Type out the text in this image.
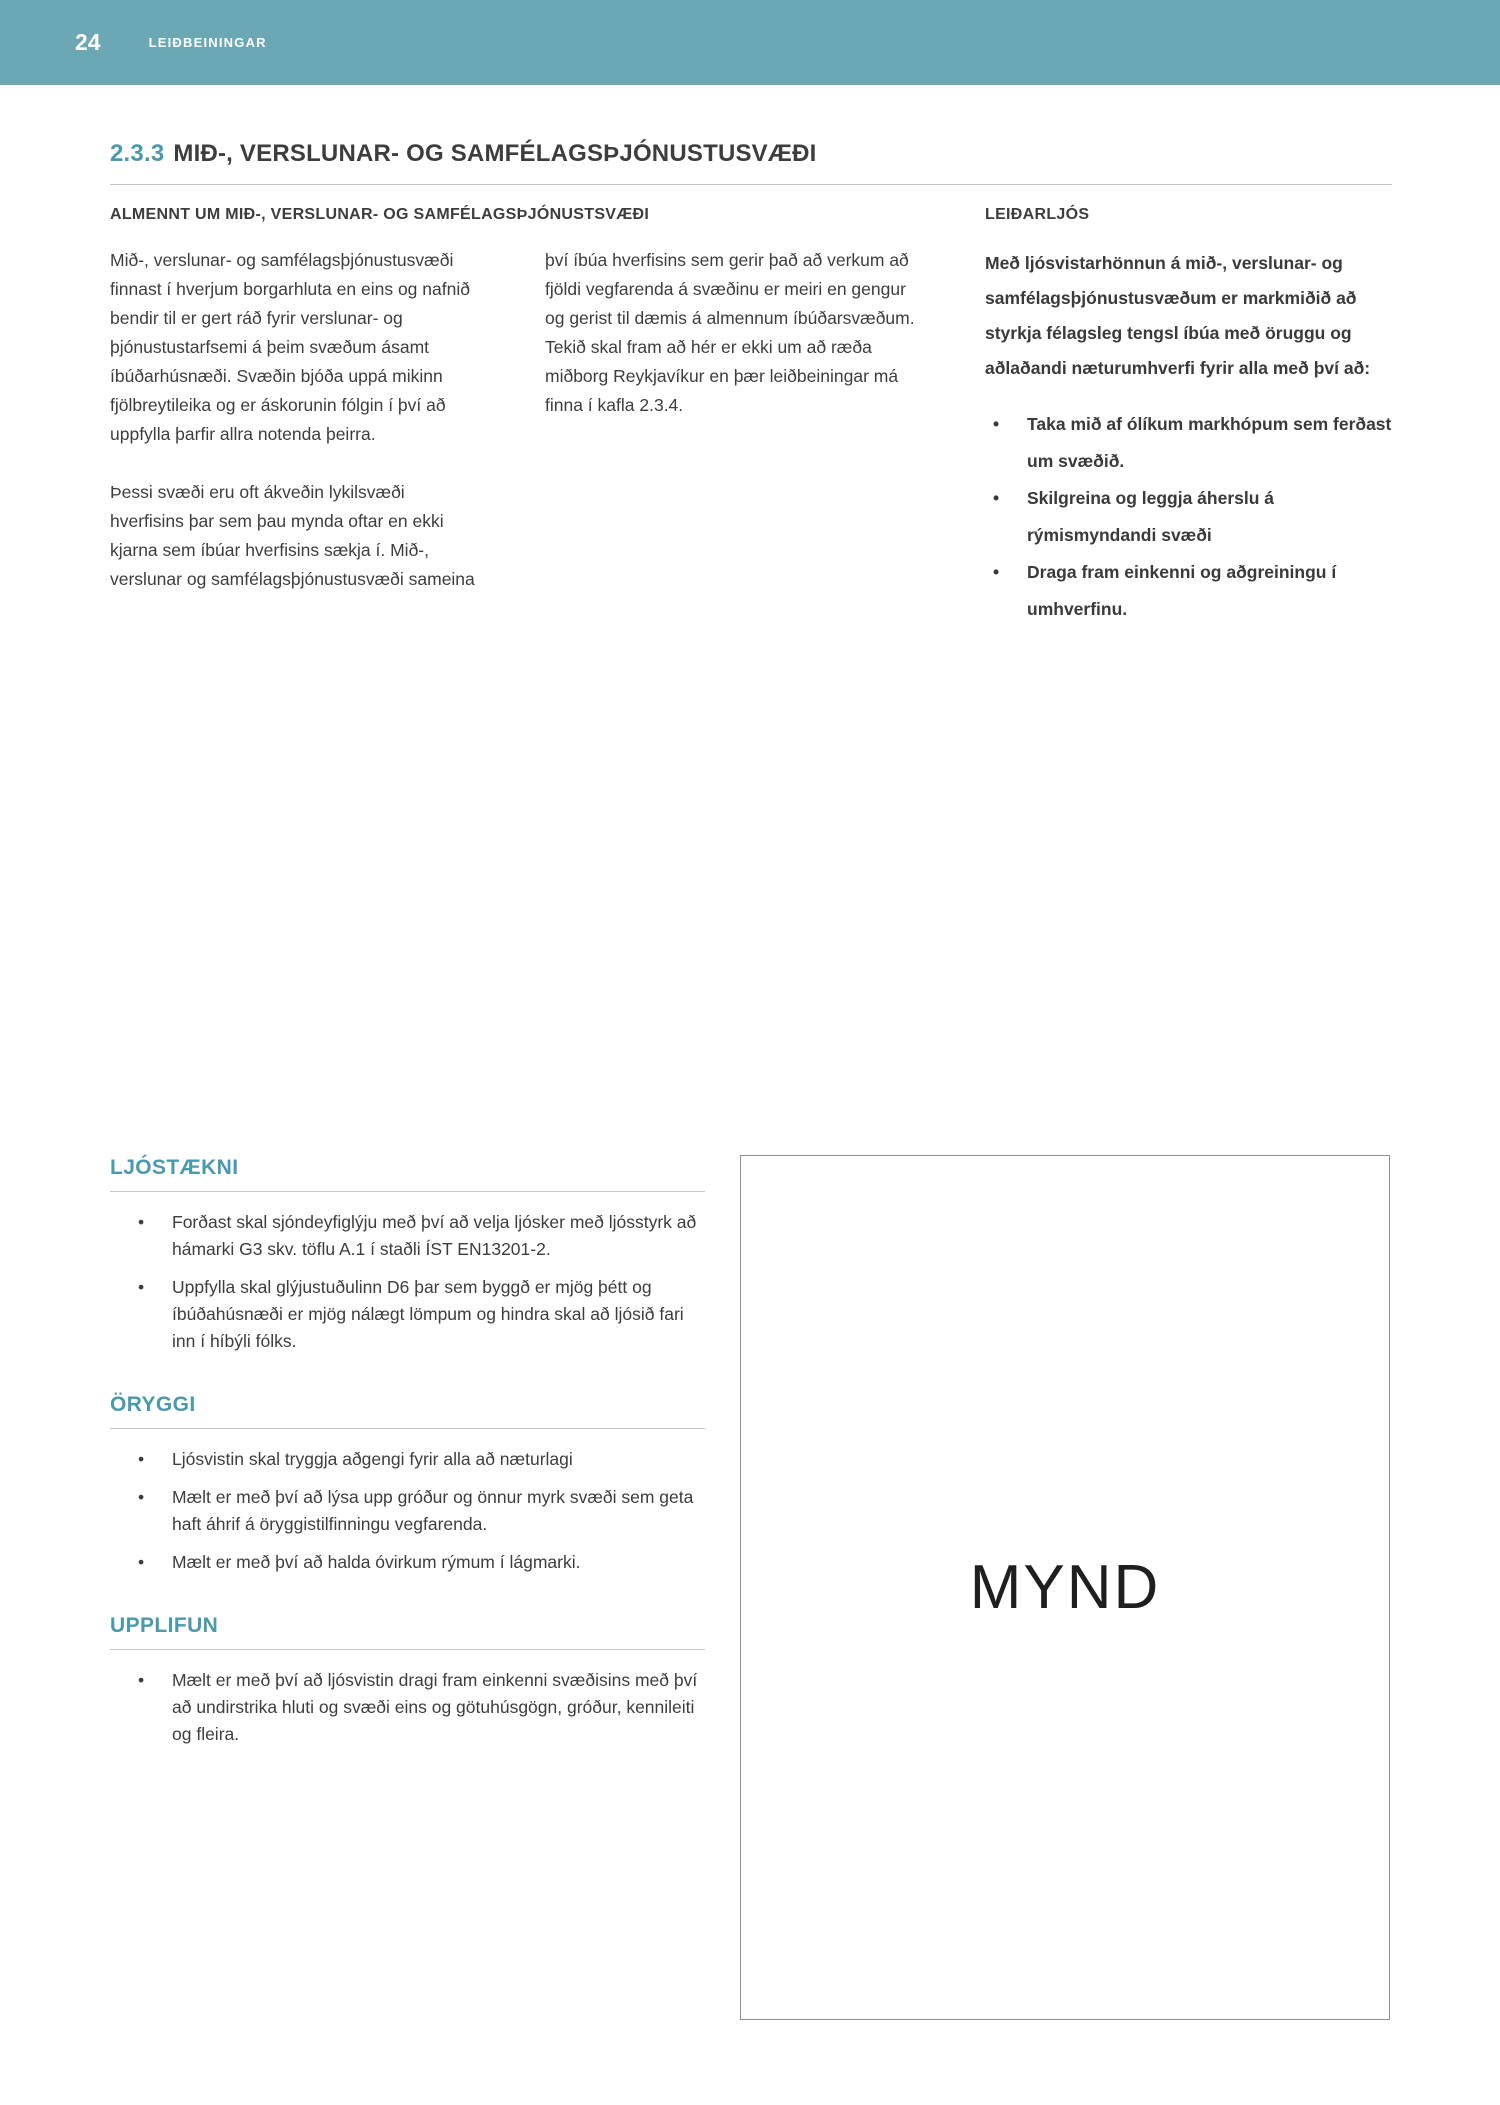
24	LEIÐBEININGAR
2.3.3 MIÐ-, VERSLUNAR- OG SAMFÉLAGSÞJÓNUSTUSVÆÐI
ALMENNT UM MIÐ-, VERSLUNAR- OG SAMFÉLAGSÞJÓNUSTSVÆÐI	LEIÐARLJÓS

Mið-, verslunar- og samfélagsþjónustusvæði finnast í hverjum borgarhluta en eins og nafnið bendir til er gert ráð fyrir verslunar- og þjónustustarfsemi á þeim svæðum ásamt íbúðarhúsnæði. Svæðin bjóða uppá mikinn fjölbreytileika og er áskorunin fólgin í því að uppfylla þarfir allra notenda þeirra.

Þessi svæði eru oft ákveðin lykilsvæði hverfisins þar sem þau mynda oftar en ekki kjarna sem íbúar hverfisins sækja í. Mið-, verslunar og samfélagsþjónustusvæði sameina

því íbúa hverfisins sem gerir það að verkum að fjöldi vegfarenda á svæðinu er meiri en gengur og gerist til dæmis á almennum íbúðarsvæðum.

Tekið skal fram að hér er ekki um að ræða miðborg Reykjavíkur en þær leiðbeiningar má finna í kafla 2.3.4.

Með ljósvistarhönnun á mið-, verslunar- og samfélagsþjónustusvæðum er markmiðið að styrkja félagsleg tengsl íbúa með öruggu og aðlaðandi næturumhverfi fyrir alla með því að:

• Taka mið af ólíkum markhópum sem ferðast um svæðið.
• Skilgreina og leggja áherslu á rýmismyndandi svæði
• Draga fram einkenni og aðgreiningu í umhverfinu.
LJÓSTÆKNI
• Forðast skal sjóndeyfiglýju með því að velja ljósker með ljósstyrk að hámarki G3 skv. töflu A.1 í staðli ÍST EN13201-2.
• Uppfylla skal glýjustuðulinn D6 þar sem byggð er mjög þétt og íbúðahúsnæði er mjög nálægt lömpum og hindra skal að ljósið fari inn í híbýli fólks.
ÖRYGGI
• Ljósvistin skal tryggja aðgengi fyrir alla að næturlagi
• Mælt er með því að lýsa upp gróður og önnur myrk svæði sem geta haft áhrif á öryggistilfinningu vegfarenda.
• Mælt er með því að halda óvirkum rýmum í lágmarki.
UPPLIFUN
• Mælt er með því að ljósvistin dragi fram einkenni svæðisins með því að undirstrika hluti og svæði eins og götuhúsgögn, gróður, kennileiti og fleira.
MYND
